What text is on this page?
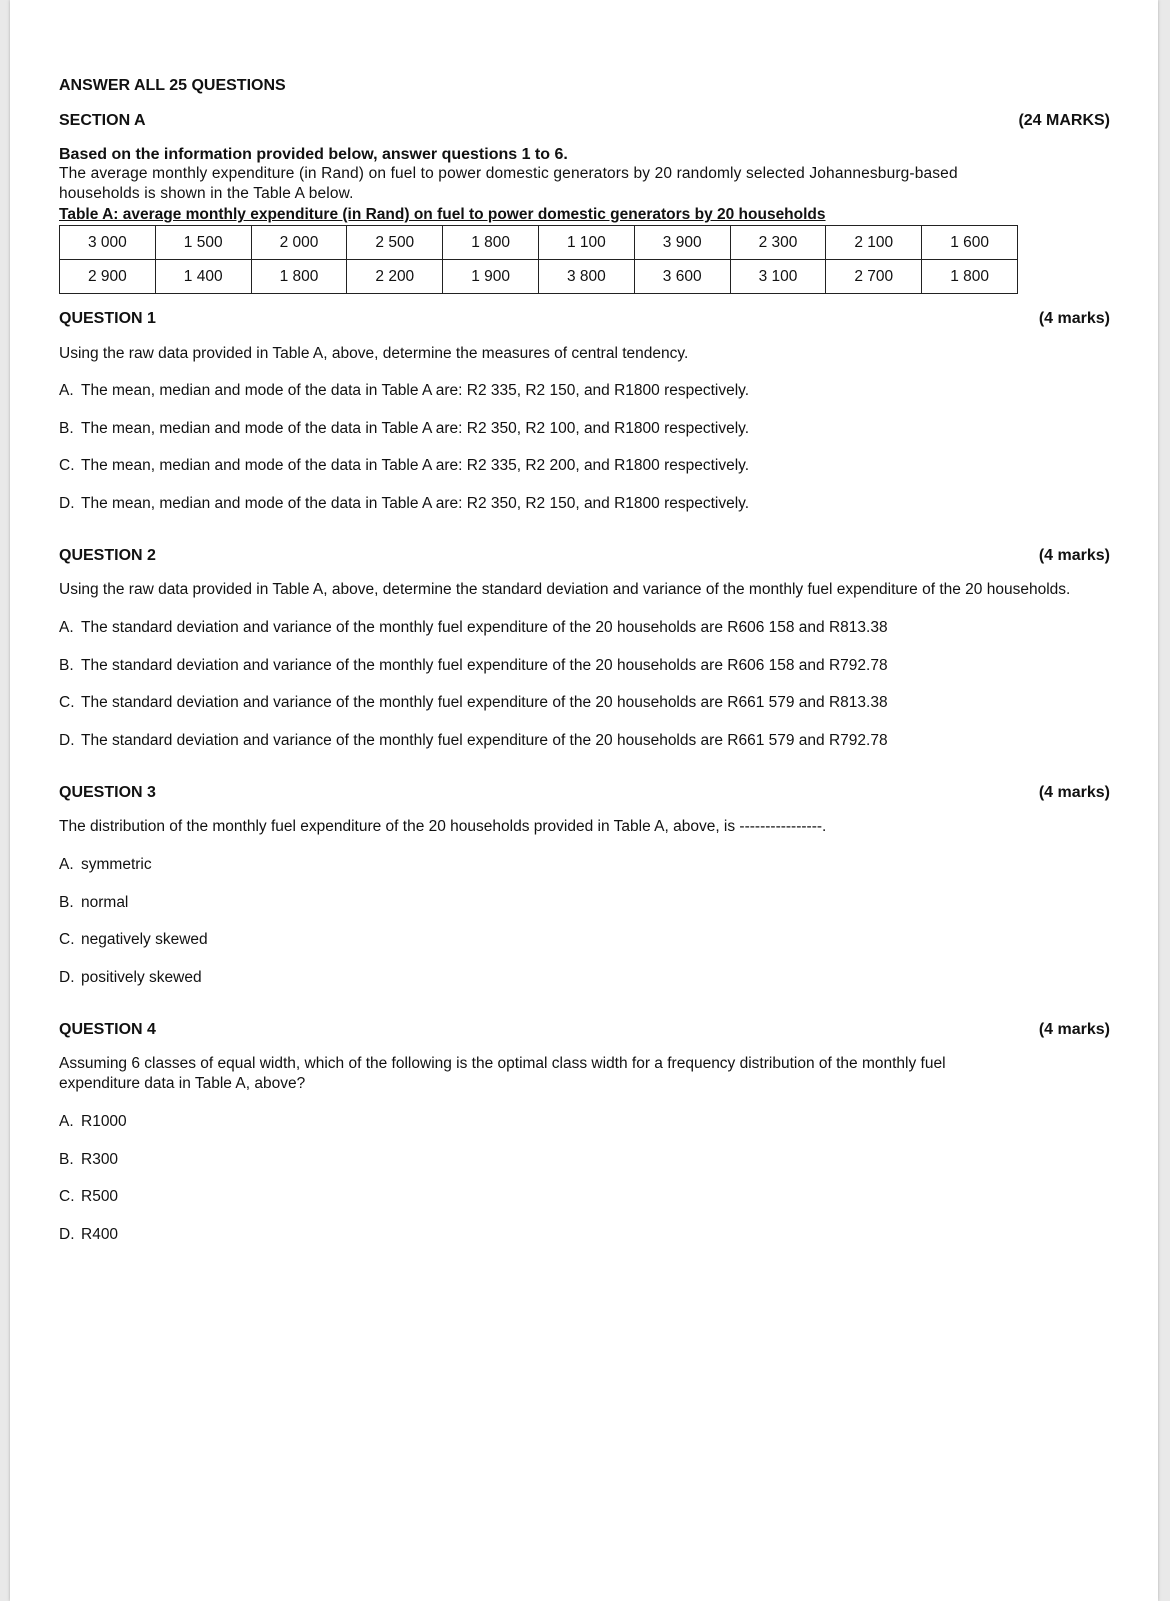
ANSWER ALL 25 QUESTIONS
SECTION A	(24 MARKS)
Based on the information provided below, answer questions 1 to 6.
The average monthly expenditure (in Rand) on fuel to power domestic generators by 20 randomly selected Johannesburg-based households is shown in the Table A below.
Table A: average monthly expenditure (in Rand) on fuel to power domestic generators by 20 households
3 000	1 500	2 000	2 500	1 800	1 100	3 900	2 300	2 100	1 600
2 900	1 400	1 800	2 200	1 900	3 800	3 600	3 100	2 700	1 800
QUESTION 1	(4 marks)
Using the raw data provided in Table A, above, determine the measures of central tendency.
A. The mean, median and mode of the data in Table A are: R2 335, R2 150, and R1800 respectively.
B. The mean, median and mode of the data in Table A are: R2 350, R2 100, and R1800 respectively.
C. The mean, median and mode of the data in Table A are: R2 335, R2 200, and R1800 respectively.
D. The mean, median and mode of the data in Table A are: R2 350, R2 150, and R1800 respectively.
QUESTION 2	(4 marks)
Using the raw data provided in Table A, above, determine the standard deviation and variance of the monthly fuel expenditure of the 20 households.
A. The standard deviation and variance of the monthly fuel expenditure of the 20 households are R606 158 and R813.38
B. The standard deviation and variance of the monthly fuel expenditure of the 20 households are R606 158 and R792.78
C. The standard deviation and variance of the monthly fuel expenditure of the 20 households are R661 579 and R813.38
D. The standard deviation and variance of the monthly fuel expenditure of the 20 households are R661 579 and R792.78
QUESTION 3	(4 marks)
The distribution of the monthly fuel expenditure of the 20 households provided in Table A, above, is ----------------.
A. symmetric
B. normal
C. negatively skewed
D. positively skewed
QUESTION 4	(4 marks)
Assuming 6 classes of equal width, which of the following is the optimal class width for a frequency distribution of the monthly fuel expenditure data in Table A, above?
A. R1000
B. R300
C. R500
D. R400
